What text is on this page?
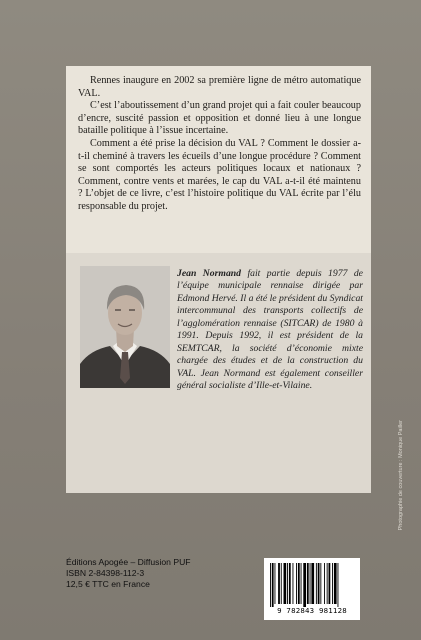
Rennes inaugure en 2002 sa première ligne de métro automatique VAL.

C’est l’aboutissement d’un grand projet qui a fait couler beaucoup d’encre, suscité passion et opposition et donné lieu à une longue bataille politique à l’issue incertaine.

Comment a été prise la décision du VAL ? Comment le dossier a-t-il cheminé à travers les écueils d’une longue procédure ? Comment se sont comportés les acteurs politiques locaux et nationaux ? Comment, contre vents et marées, le cap du VAL a-t-il été maintenu ? L’objet de ce livre, c’est l’histoire politique du VAL écrite par l’élu responsable du projet.

Jean Normand fait partie depuis 1977 de l’équipe municipale rennaise dirigée par Edmond Hervé. Il a été le président du Syndicat intercommunal des transports collectifs de l’agglomération rennaise (SITCAR) de 1980 à 1991. Depuis 1992, il est président de la SEMTCAR, la société d’économie mixte chargée des études et de la construction du VAL. Jean Normand est également conseiller général socialiste d’Ille-et-Vilaine.
Photographie de couverture : Monique Pailler
Éditions Apogée – Diffusion PUF
ISBN 2-84398-112-3
12,5 € TTC en France
9 782843 981128
